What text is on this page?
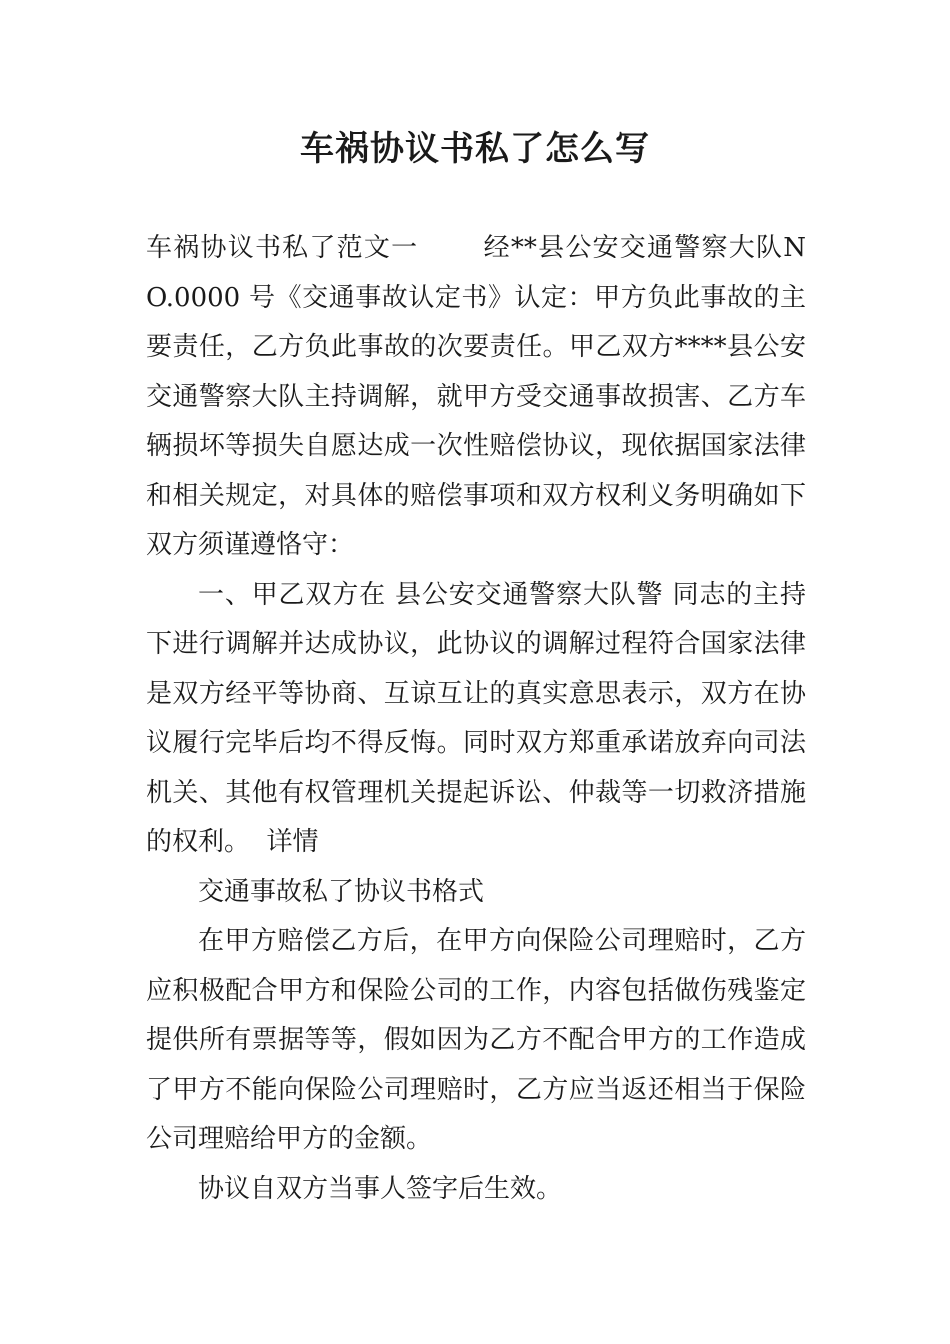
车祸协议书私了怎么写

车祸协议书私了范文一 经**县公安交通警察大队NO.0000 号《交通事故认定书》认定：甲方负此事故的主要责任，乙方负此事故的次要责任。甲乙双方****县公安交通警察大队主持调解，就甲方受交通事故损害、乙方车辆损坏等损失自愿达成一次性赔偿协议，现依据国家法律和相关规定，对具体的赔偿事项和双方权利义务明确如下双方须谨遵恪守：

一、甲乙双方在 县公安交通警察大队警 同志的主持下进行调解并达成协议，此协议的调解过程符合国家法律是双方经平等协商、互谅互让的真实意思表示，双方在协议履行完毕后均不得反悔。同时双方郑重承诺放弃向司法机关、其他有权管理机关提起诉讼、仲裁等一切救济措施的权利。 详情

交通事故私了协议书格式

在甲方赔偿乙方后，在甲方向保险公司理赔时，乙方应积极配合甲方和保险公司的工作，内容包括做伤残鉴定提供所有票据等等，假如因为乙方不配合甲方的工作造成了甲方不能向保险公司理赔时，乙方应当返还相当于保险公司理赔给甲方的金额。

协议自双方当事人签字后生效。
